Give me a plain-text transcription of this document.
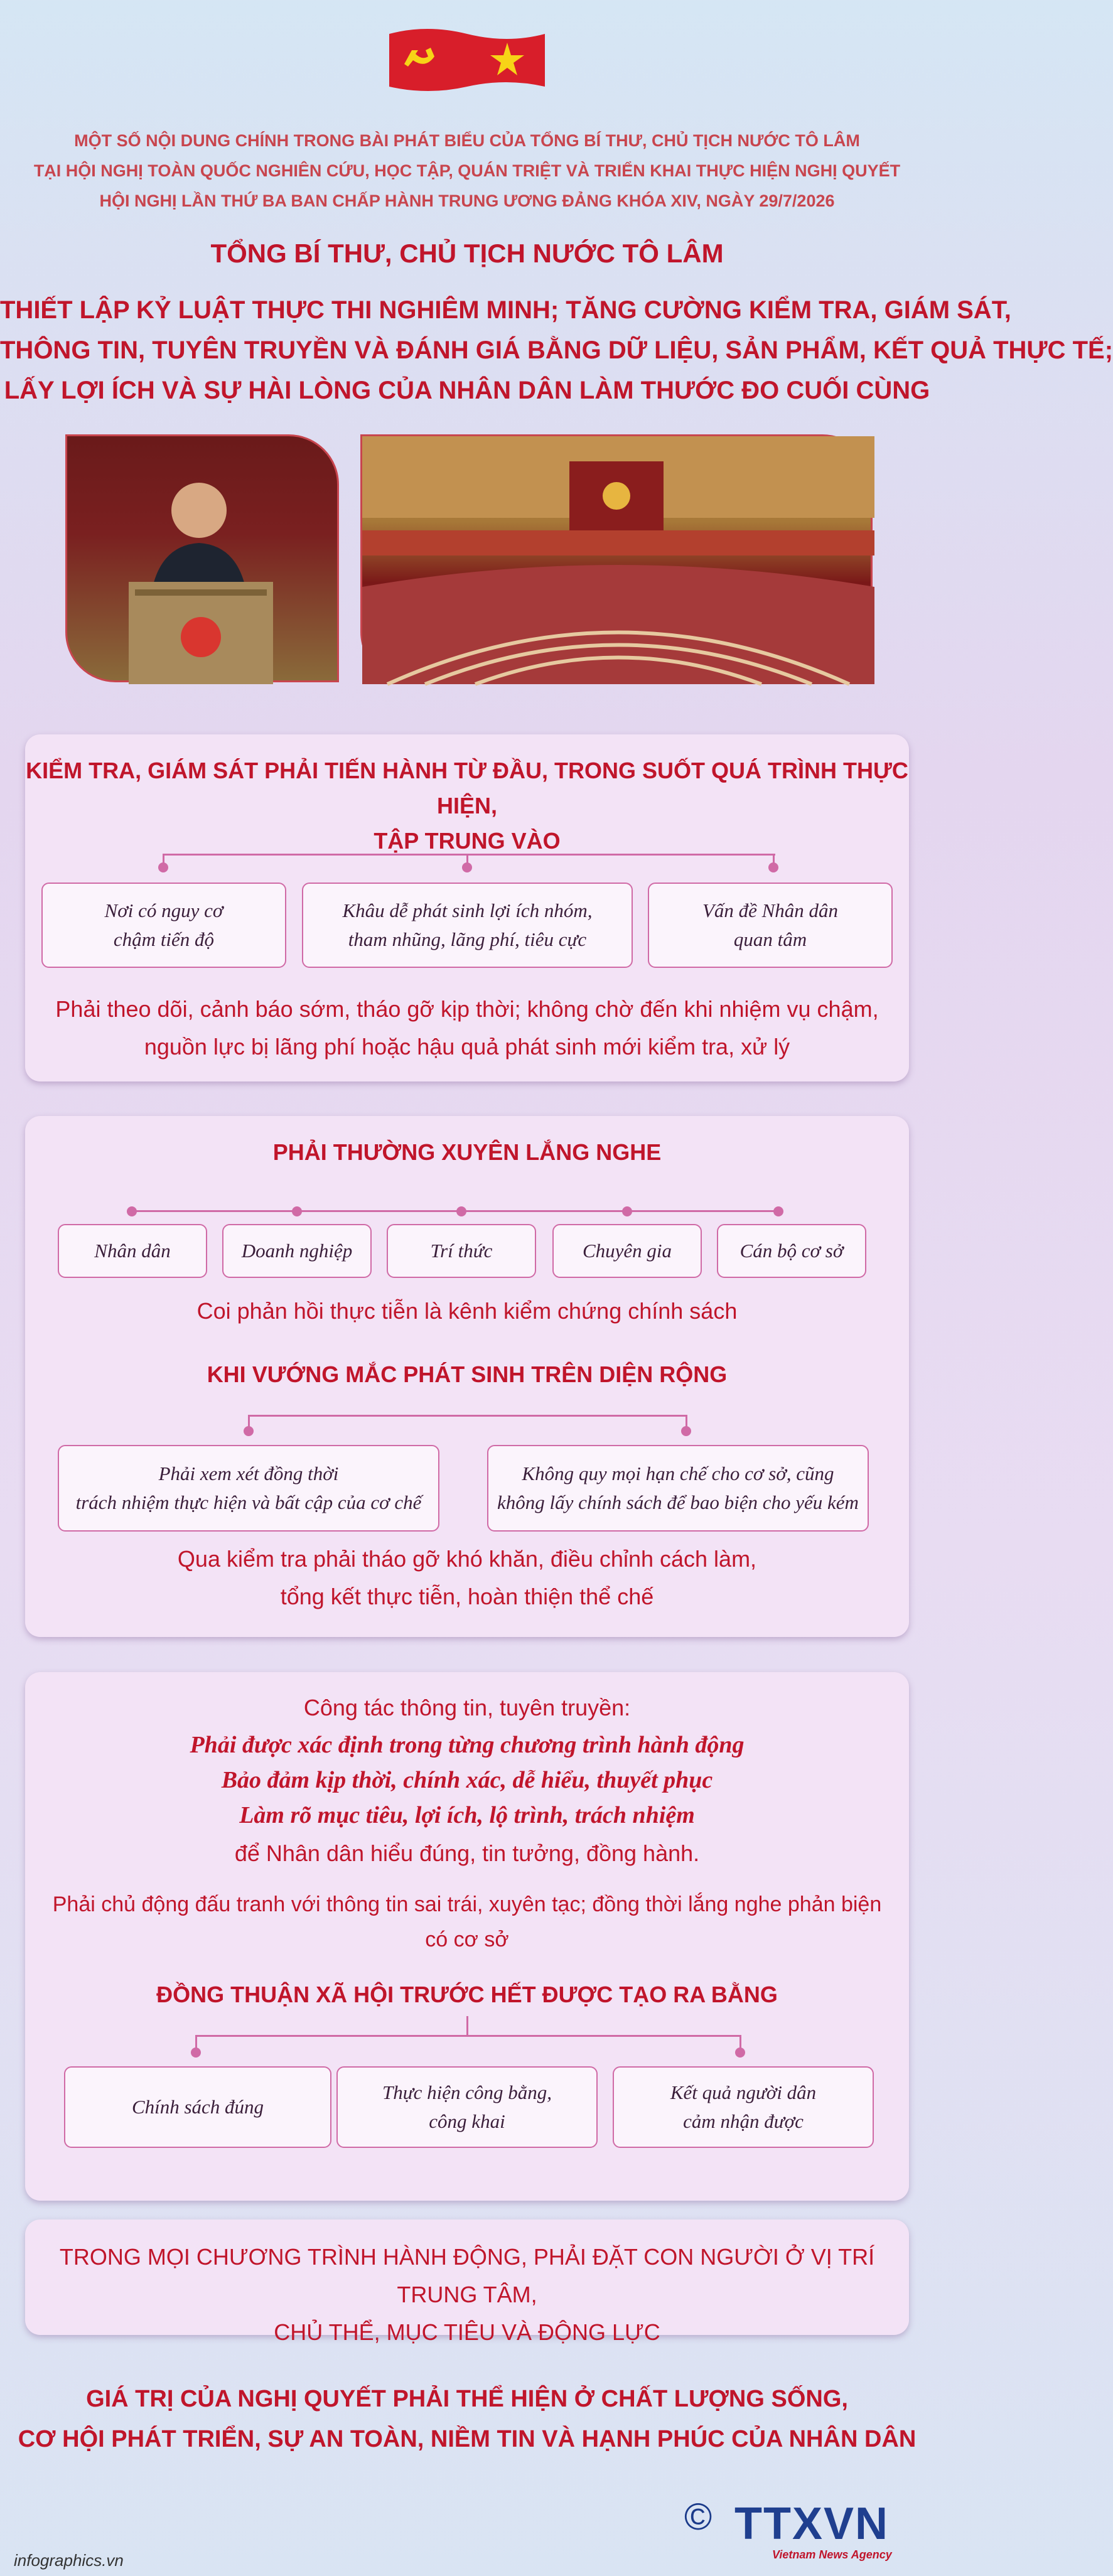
MỘT SỐ NỘI DUNG CHÍNH TRONG BÀI PHÁT BIỂU CỦA TỔNG BÍ THƯ, CHỦ TỊCH NƯỚC TÔ LÂM
TẠI HỘI NGHỊ TOÀN QUỐC NGHIÊN CỨU, HỌC TẬP, QUÁN TRIỆT VÀ TRIỂN KHAI THỰC HIỆN NGHỊ QUYẾT
HỘI NGHỊ LẦN THỨ BA BAN CHẤP HÀNH TRUNG ƯƠNG ĐẢNG KHÓA XIV, NGÀY 29/7/2026
TỔNG BÍ THƯ, CHỦ TỊCH NƯỚC TÔ LÂM
THIẾT LẬP KỶ LUẬT THỰC THI NGHIÊM MINH; TĂNG CƯỜNG KIỂM TRA, GIÁM SÁT,
THÔNG TIN, TUYÊN TRUYỀN VÀ ĐÁNH GIÁ BẰNG DỮ LIỆU, SẢN PHẨM, KẾT QUẢ THỰC TẾ;
LẤY LỢI ÍCH VÀ SỰ HÀI LÒNG CỦA NHÂN DÂN LÀM THƯỚC ĐO CUỐI CÙNG
KIỂM TRA, GIÁM SÁT PHẢI TIẾN HÀNH TỪ ĐẦU, TRONG SUỐT QUÁ TRÌNH THỰC HIỆN,
TẬP TRUNG VÀO
Nơi có nguy cơ
chậm tiến độ
Khâu dễ phát sinh lợi ích nhóm,
tham nhũng, lãng phí, tiêu cực
Vấn đề Nhân dân
quan tâm
Phải theo dõi, cảnh báo sớm, tháo gỡ kịp thời; không chờ đến khi nhiệm vụ chậm,
nguồn lực bị lãng phí hoặc hậu quả phát sinh mới kiểm tra, xử lý
PHẢI THƯỜNG XUYÊN LẮNG NGHE
Nhân dân	Doanh nghiệp	Trí thức	Chuyên gia	Cán bộ cơ sở
Coi phản hồi thực tiễn là kênh kiểm chứng chính sách
KHI VƯỚNG MẮC PHÁT SINH TRÊN DIỆN RỘNG
Phải xem xét đồng thời
trách nhiệm thực hiện và bất cập của cơ chế
Không quy mọi hạn chế cho cơ sở, cũng
không lấy chính sách để bao biện cho yếu kém
Qua kiểm tra phải tháo gỡ khó khăn, điều chỉnh cách làm,
tổng kết thực tiễn, hoàn thiện thể chế
Công tác thông tin, tuyên truyền:
Phải được xác định trong từng chương trình hành động
Bảo đảm kịp thời, chính xác, dễ hiểu, thuyết phục
Làm rõ mục tiêu, lợi ích, lộ trình, trách nhiệm
để Nhân dân hiểu đúng, tin tưởng, đồng hành.
Phải chủ động đấu tranh với thông tin sai trái, xuyên tạc; đồng thời lắng nghe phản biện
có cơ sở
ĐỒNG THUẬN XÃ HỘI TRƯỚC HẾT ĐƯỢC TẠO RA BẰNG
Chính sách đúng
Thực hiện công bằng,
công khai
Kết quả người dân
cảm nhận được
TRONG MỌI CHƯƠNG TRÌNH HÀNH ĐỘNG, PHẢI ĐẶT CON NGƯỜI Ở VỊ TRÍ TRUNG TÂM,
CHỦ THỂ, MỤC TIÊU VÀ ĐỘNG LỰC
GIÁ TRỊ CỦA NGHỊ QUYẾT PHẢI THỂ HIỆN Ở CHẤT LƯỢNG SỐNG,
CƠ HỘI PHÁT TRIỂN, SỰ AN TOÀN, NIỀM TIN VÀ HẠNH PHÚC CỦA NHÂN DÂN
infographics.vn
© TTXVN
Vietnam News Agency
